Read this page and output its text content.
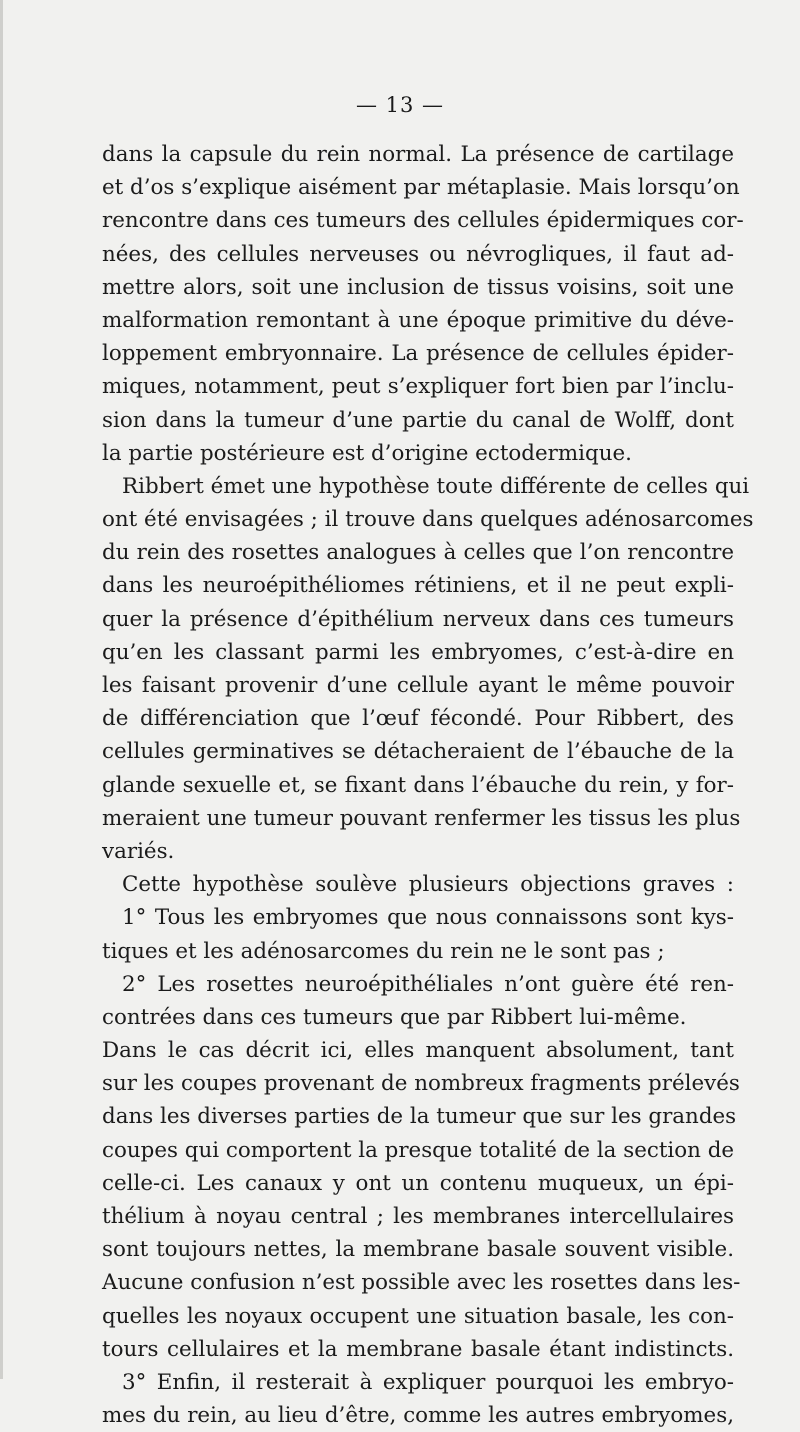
— 13 —
dans la capsule du rein normal. La présence de cartilage
et d’os s’explique aisément par métaplasie. Mais lorsqu’on
rencontre dans ces tumeurs des cellules épidermiques cor-
nées, des cellules nerveuses ou névrogliques, il faut ad-
mettre alors, soit une inclusion de tissus voisins, soit une
malformation remontant à une époque primitive du déve-
loppement embryonnaire. La présence de cellules épider-
miques, notamment, peut s’expliquer fort bien par l’inclu-
sion dans la tumeur d’une partie du canal de Wolff, dont
la partie postérieure est d’origine ectodermique.
Ribbert émet une hypothèse toute différente de celles qui
ont été envisagées ; il trouve dans quelques adénosarcomes
du rein des rosettes analogues à celles que l’on rencontre
dans les neuroépithéliomes rétiniens, et il ne peut expli-
quer la présence d’épithélium nerveux dans ces tumeurs
qu’en les classant parmi les embryomes, c’est-à-dire en
les faisant provenir d’une cellule ayant le même pouvoir
de différenciation que l’œuf fécondé. Pour Ribbert, des
cellules germinatives se détacheraient de l’ébauche de la
glande sexuelle et, se fixant dans l’ébauche du rein, y for-
meraient une tumeur pouvant renfermer les tissus les plus
variés.
Cette hypothèse soulève plusieurs objections graves :
1° Tous les embryomes que nous connaissons sont kys-
tiques et les adénosarcomes du rein ne le sont pas ;
2° Les rosettes neuroépithéliales n’ont guère été ren-
contrées dans ces tumeurs que par Ribbert lui-même.
Dans le cas décrit ici, elles manquent absolument, tant
sur les coupes provenant de nombreux fragments prélevés
dans les diverses parties de la tumeur que sur les grandes
coupes qui comportent la presque totalité de la section de
celle-ci. Les canaux y ont un contenu muqueux, un épi-
thélium à noyau central ; les membranes intercellulaires
sont toujours nettes, la membrane basale souvent visible.
Aucune confusion n’est possible avec les rosettes dans les-
quelles les noyaux occupent une situation basale, les con-
tours cellulaires et la membrane basale étant indistincts.
3° Enfin, il resterait à expliquer pourquoi les embryo-
mes du rein, au lieu d’être, comme les autres embryomes,
